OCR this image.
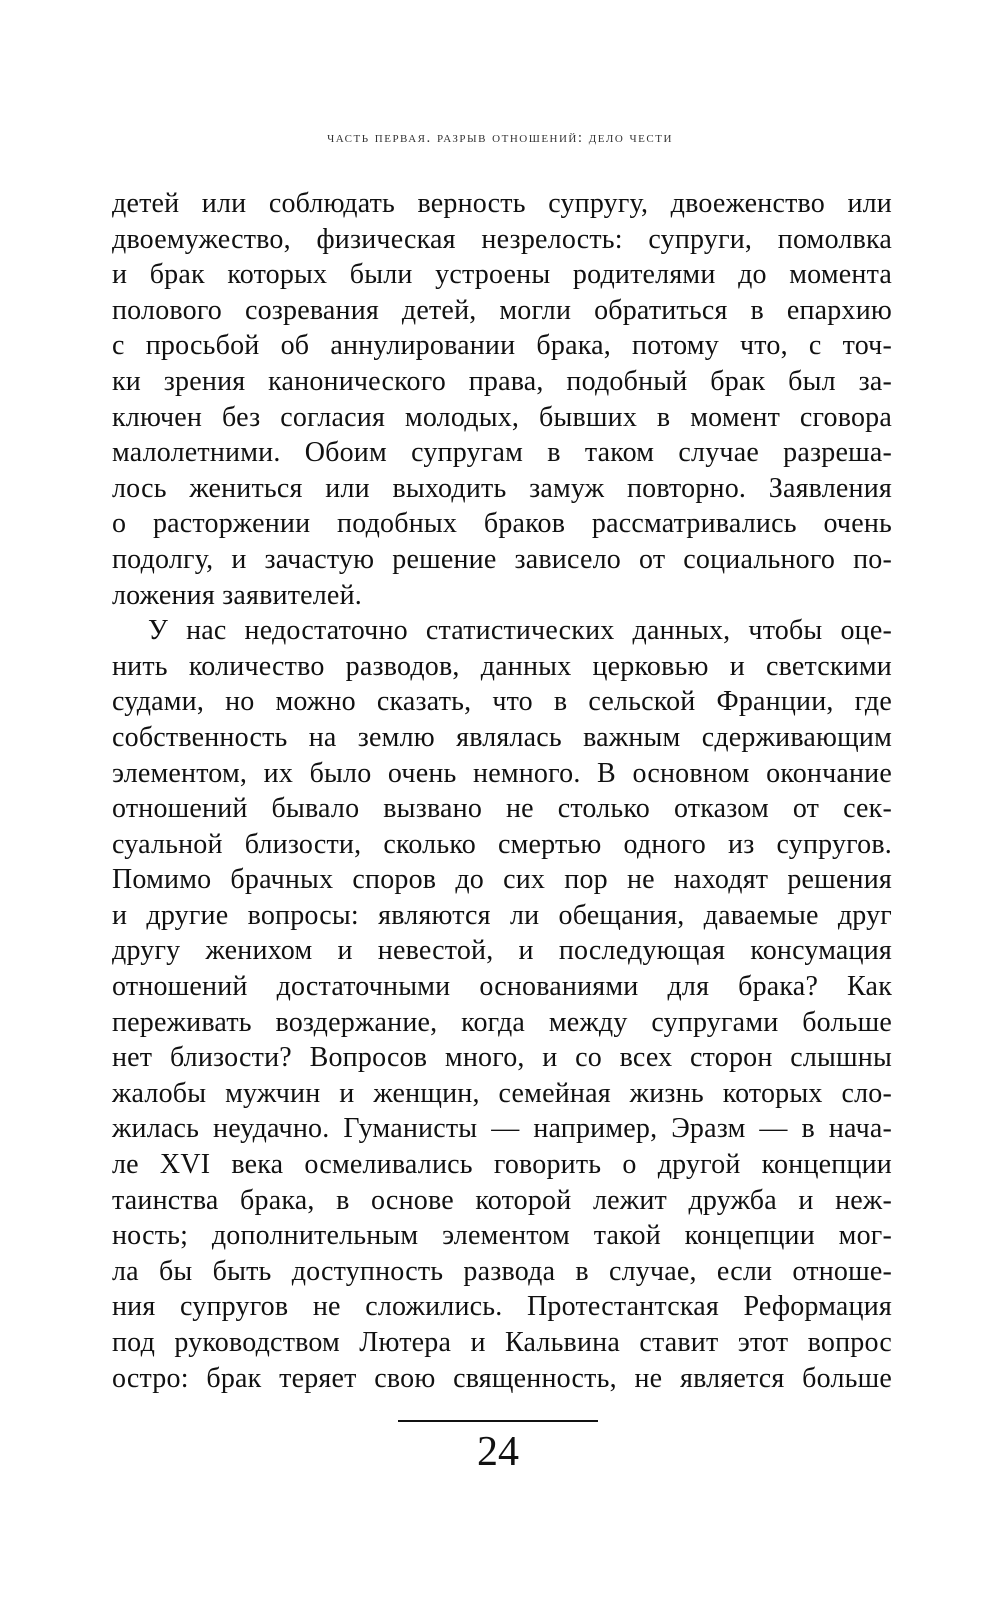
часть первая. разрыв отношений: дело чести
детей или соблюдать верность супругу, двоеженство или
двоемужество, физическая незрелость: супруги, помолвка
и брак которых были устроены родителями до момента
полового созревания детей, могли обратиться в епархию
с просьбой об аннулировании брака, потому что, с точ-
ки зрения канонического права, подобный брак был за-
ключен без согласия молодых, бывших в момент сговора
малолетними. Обоим супругам в таком случае разреша-
лось жениться или выходить замуж повторно. Заявления
о расторжении подобных браков рассматривались очень
подолгу, и зачастую решение зависело от социального по-
ложения заявителей.
У нас недостаточно статистических данных, чтобы оце-
нить количество разводов, данных церковью и светскими
судами, но можно сказать, что в сельской Франции, где
собственность на землю являлась важным сдерживающим
элементом, их было очень немного. В основном окончание
отношений бывало вызвано не столько отказом от сек-
суальной близости, сколько смертью одного из супругов.
Помимо брачных споров до сих пор не находят решения
и другие вопросы: являются ли обещания, даваемые друг
другу женихом и невестой, и последующая консумация
отношений достаточными основаниями для брака? Как
переживать воздержание, когда между супругами больше
нет близости? Вопросов много, и со всех сторон слышны
жалобы мужчин и женщин, семейная жизнь которых сло-
жилась неудачно. Гуманисты — например, Эразм — в нача-
ле XVI века осмеливались говорить о другой концепции
таинства брака, в основе которой лежит дружба и неж-
ность; дополнительным элементом такой концепции мог-
ла бы быть доступность развода в случае, если отноше-
ния супругов не сложились. Протестантская Реформация
под руководством Лютера и Кальвина ставит этот вопрос
остро: брак теряет свою священность, не является больше
24
